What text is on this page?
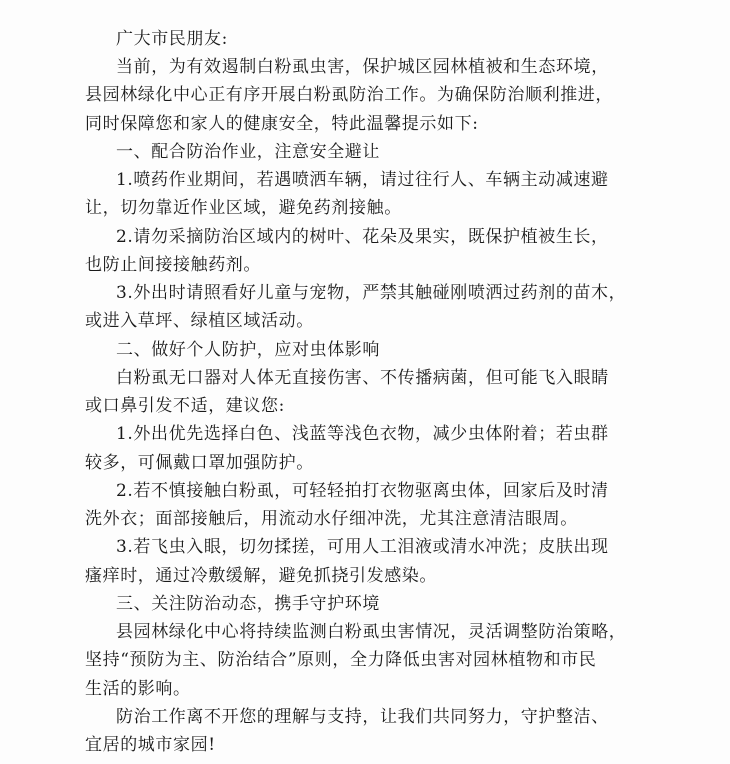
广大市民朋友:
当前，为有效遏制白粉虱虫害，保护城区园林植被和生态环境，
县园林绿化中心正有序开展白粉虱防治工作。为确保防治顺利推进，
同时保障您和家人的健康安全，特此温馨提示如下:
一、配合防治作业，注意安全避让
1.喷药作业期间，若遇喷洒车辆，请过往行人、车辆主动减速避
让，切勿靠近作业区域，避免药剂接触。
2.请勿采摘防治区域内的树叶、花朵及果实，既保护植被生长，
也防止间接接触药剂。
3.外出时请照看好儿童与宠物，严禁其触碰刚喷洒过药剂的苗木，
或进入草坪、绿植区域活动。
二、做好个人防护，应对虫体影响
白粉虱无口器对人体无直接伤害、不传播病菌，但可能飞入眼睛
或口鼻引发不适，建议您:
1.外出优先选择白色、浅蓝等浅色衣物，减少虫体附着；若虫群
较多，可佩戴口罩加强防护。
2.若不慎接触白粉虱，可轻轻拍打衣物驱离虫体，回家后及时清
洗外衣；面部接触后，用流动水仔细冲洗，尤其注意清洁眼周。
3.若飞虫入眼，切勿揉搓，可用人工泪液或清水冲洗；皮肤出现
瘙痒时，通过冷敷缓解，避免抓挠引发感染。
三、关注防治动态，携手守护环境
县园林绿化中心将持续监测白粉虱虫害情况，灵活调整防治策略，
坚持“预防为主、防治结合”原则，全力降低虫害对园林植物和市民
生活的影响。
防治工作离不开您的理解与支持，让我们共同努力，守护整洁、
宜居的城市家园!
